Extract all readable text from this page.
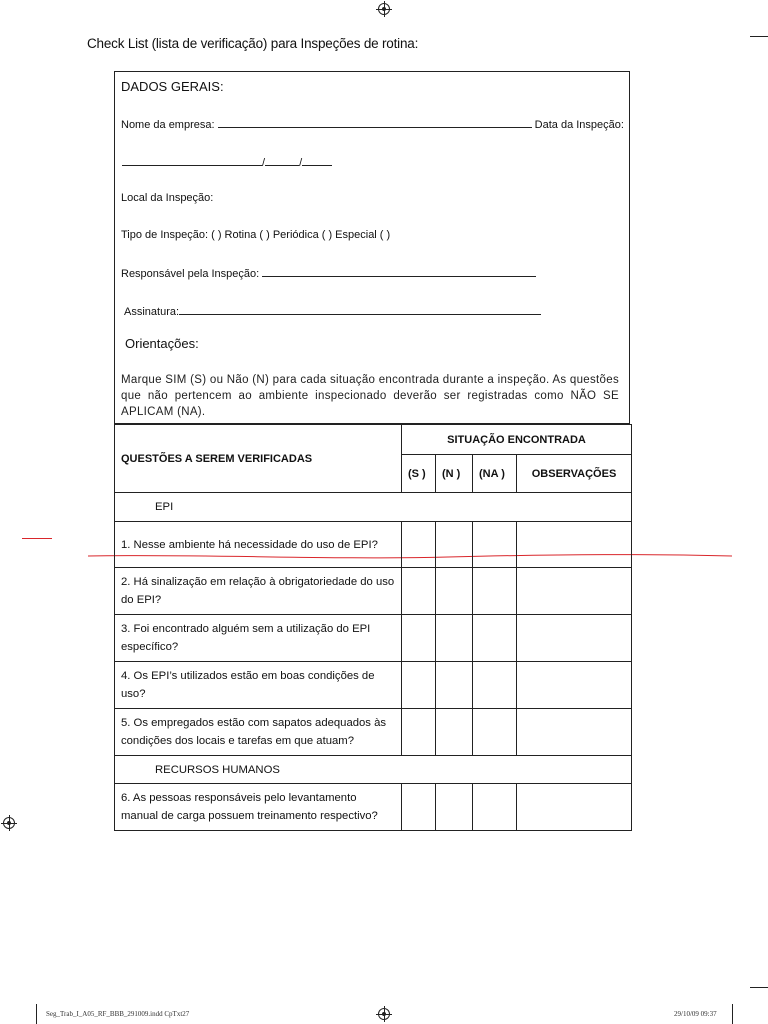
Check List (lista de verificação) para Inspeções de rotina:
DADOS GERAIS:
Nome da empresa:	Data da Inspeção:
/	/
Local da Inspeção:
Tipo de Inspeção: ( ) Rotina ( ) Periódica ( ) Especial ( )
Responsável pela Inspeção:
Assinatura:
Orientações:
Marque SIM (S) ou Não (N) para cada situação encontrada durante a inspeção. As questões que não pertencem ao ambiente inspecionado deverão ser registradas como NÃO SE APLICAM (NA).
QUESTÕES A SEREM VERIFICADAS	SITUAÇÃO ENCONTRADA			
	(S )	(N )	(NA )	OBSERVAÇÕES
EPI				
1. Nesse ambiente há necessidade do uso de EPI?				
2. Há sinalização em relação à obrigatoriedade do uso do EPI?				
3. Foi encontrado alguém sem a utilização do EPI específico?				
4. Os EPI’s utilizados estão em boas condições de uso?				
5. Os empregados estão com sapatos adequados às condições dos locais e tarefas em que atuam?				
RECURSOS HUMANOS				
6. As pessoas responsáveis pelo levantamento manual de carga possuem treinamento respectivo?				
Seg_Trab_I_A05_RF_BBB_291009.indd CpTxt27	29/10/09 09:37
